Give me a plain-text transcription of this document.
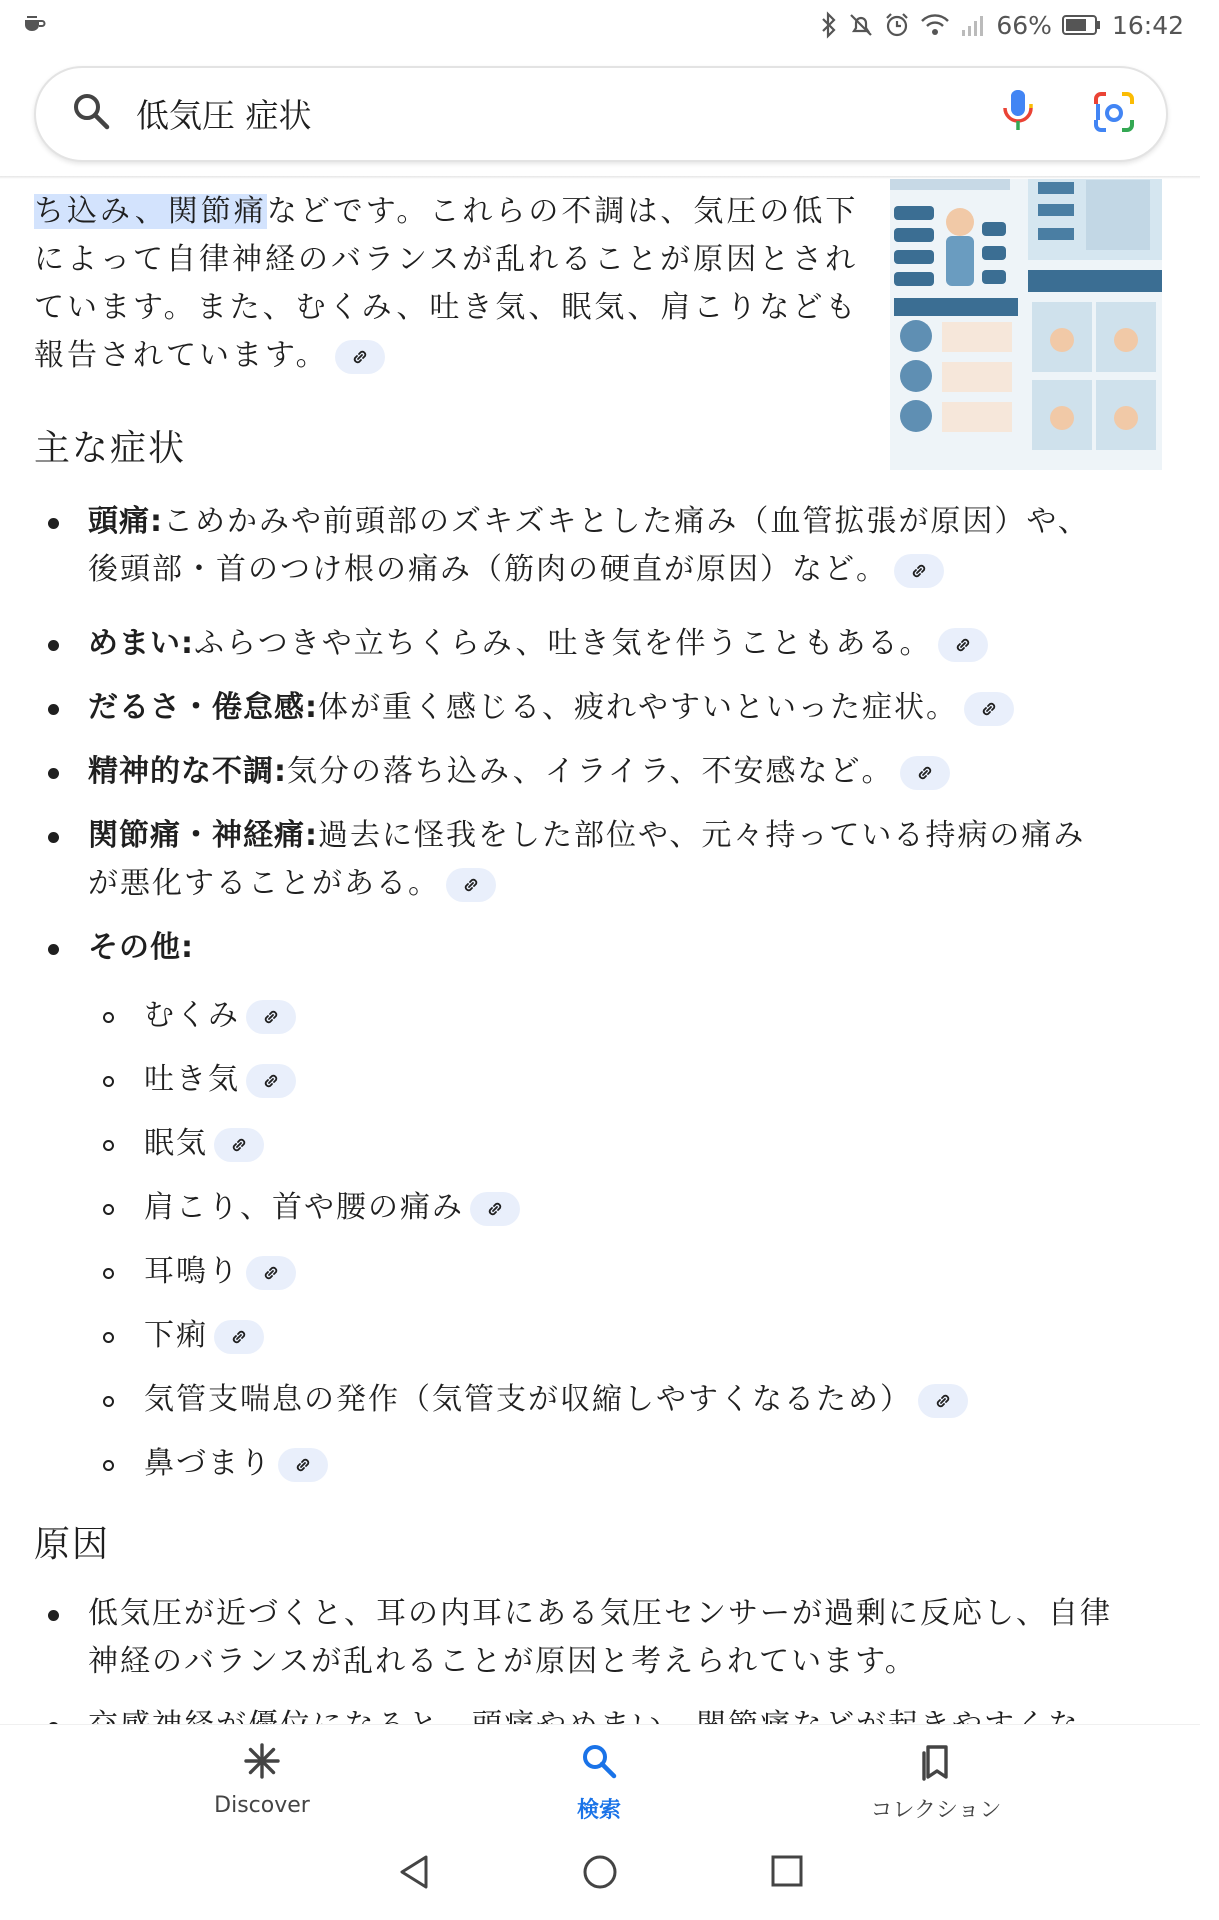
66% 16:42
低気圧 症状
ち込み、関節痛などです。これらの不調は、気圧の低下
によって自律神経のバランスが乱れることが原因とされ
ています。また、むくみ、吐き気、眠気、肩こりなども
報告されています。
主な症状
頭痛:こめかみや前頭部のズキズキとした痛み（血管拡張が原因）や、
後頭部・首のつけ根の痛み（筋肉の硬直が原因）など。
めまい:ふらつきや立ちくらみ、吐き気を伴うこともある。
だるさ・倦怠感:体が重く感じる、疲れやすいといった症状。
精神的な不調:気分の落ち込み、イライラ、不安感など。
関節痛・神経痛:過去に怪我をした部位や、元々持っている持病の痛み
が悪化することがある。
その他:
むくみ
吐き気
眠気
肩こり、首や腰の痛み
耳鳴り
下痢
気管支喘息の発作（気管支が収縮しやすくなるため）
鼻づまり
原因
低気圧が近づくと、耳の内耳にある気圧センサーが過剰に反応し、自律
神経のバランスが乱れることが原因と考えられています。
Discover	検索	コレクション
